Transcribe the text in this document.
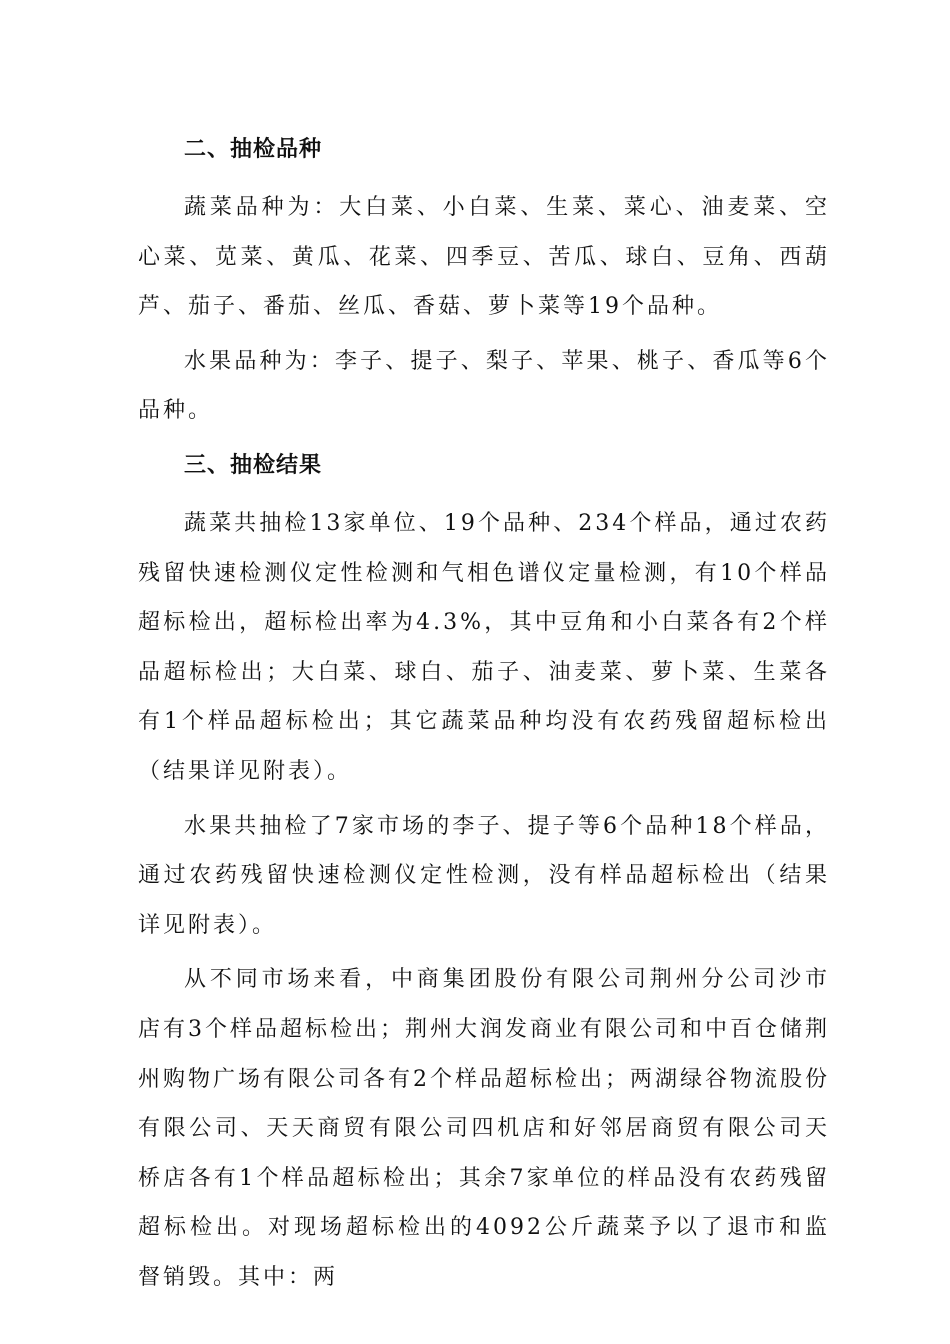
二、抽检品种

蔬菜品种为：大白菜、小白菜、生菜、菜心、油麦菜、空心菜、苋菜、黄瓜、花菜、四季豆、苦瓜、球白、豆角、西葫芦、茄子、番茄、丝瓜、香菇、萝卜菜等19个品种。

水果品种为：李子、提子、梨子、苹果、桃子、香瓜等6个品种。

三、抽检结果

蔬菜共抽检13家单位、19个品种、234个样品，通过农药残留快速检测仪定性检测和气相色谱仪定量检测，有10个样品超标检出，超标检出率为4.3%，其中豆角和小白菜各有2个样品超标检出；大白菜、球白、茄子、油麦菜、萝卜菜、生菜各有1个样品超标检出；其它蔬菜品种均没有农药残留超标检出（结果详见附表）。

水果共抽检了7家市场的李子、提子等6个品种18个样品，通过农药残留快速检测仪定性检测，没有样品超标检出（结果详见附表）。

从不同市场来看，中商集团股份有限公司荆州分公司沙市店有3个样品超标检出；荆州大润发商业有限公司和中百仓储荆州购物广场有限公司各有2个样品超标检出；两湖绿谷物流股份有限公司、天天商贸有限公司四机店和好邻居商贸有限公司天桥店各有1个样品超标检出；其余7家单位的样品没有农药残留超标检出。对现场超标检出的4092公斤蔬菜予以了退市和监督销毁。其中：两
